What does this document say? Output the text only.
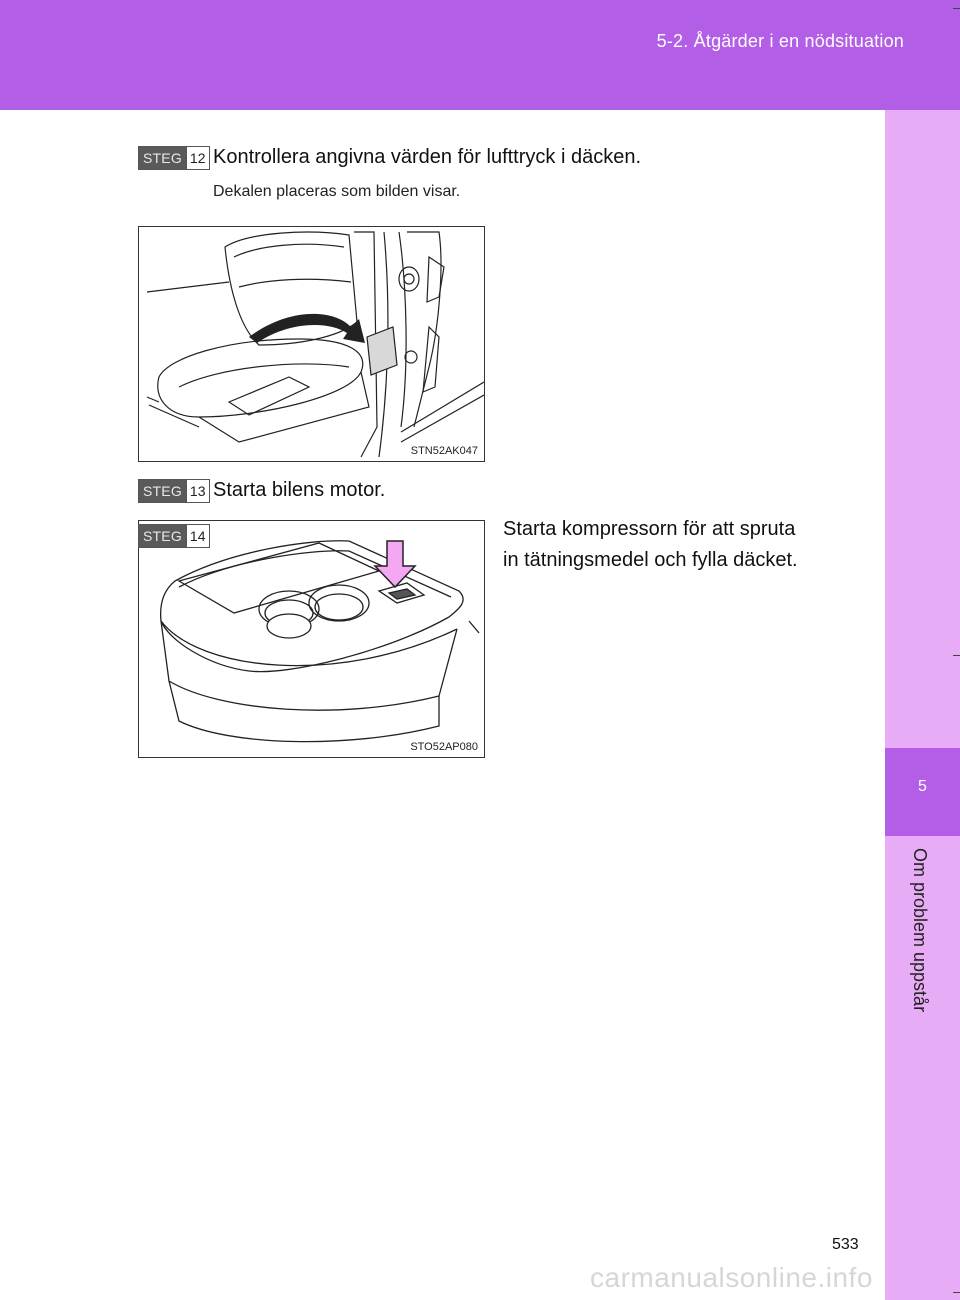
5-2. Åtgärder i en nödsituation
5
Om problem uppstår
STEG 12 Kontrollera angivna värden för lufttryck i däcken.
Dekalen placeras som bilden visar.
STN52AK047
STEG 13 Starta bilens motor.
STO52AP080
STEG 14	Starta kompressorn för att spruta
in tätningsmedel och fylla däcket.
533
carmanualsonline.info
